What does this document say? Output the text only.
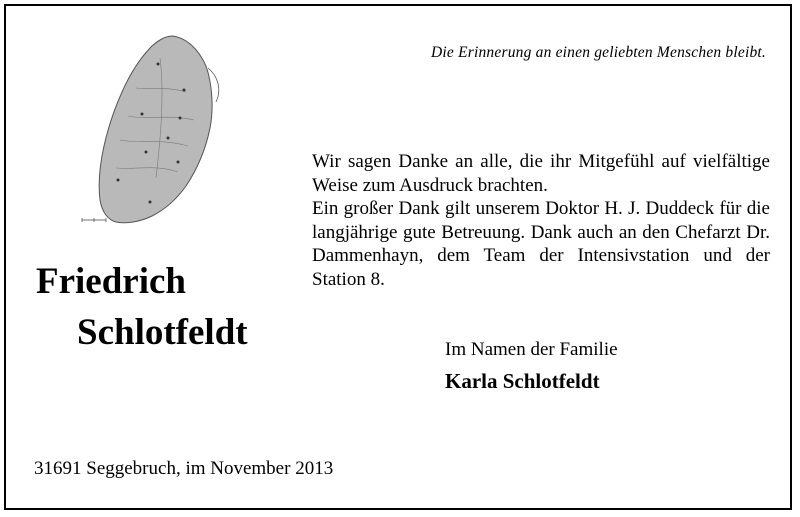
Die Erinnerung an einen geliebten Menschen bleibt.
Friedrich
Schlotfeldt

Wir sagen Danke an alle, die ihr Mitgefühl auf vielfältige Weise zum Ausdruck brachten.

Ein großer Dank gilt unserem Doktor H. J. Duddeck für die langjährige gute Betreuung. Dank auch an den Chefarzt Dr. Dammenhayn, dem Team der Intensivstation und der Station 8.

Im Namen der Familie
Karla Schlotfeldt
31691 Seggebruch, im November 2013
